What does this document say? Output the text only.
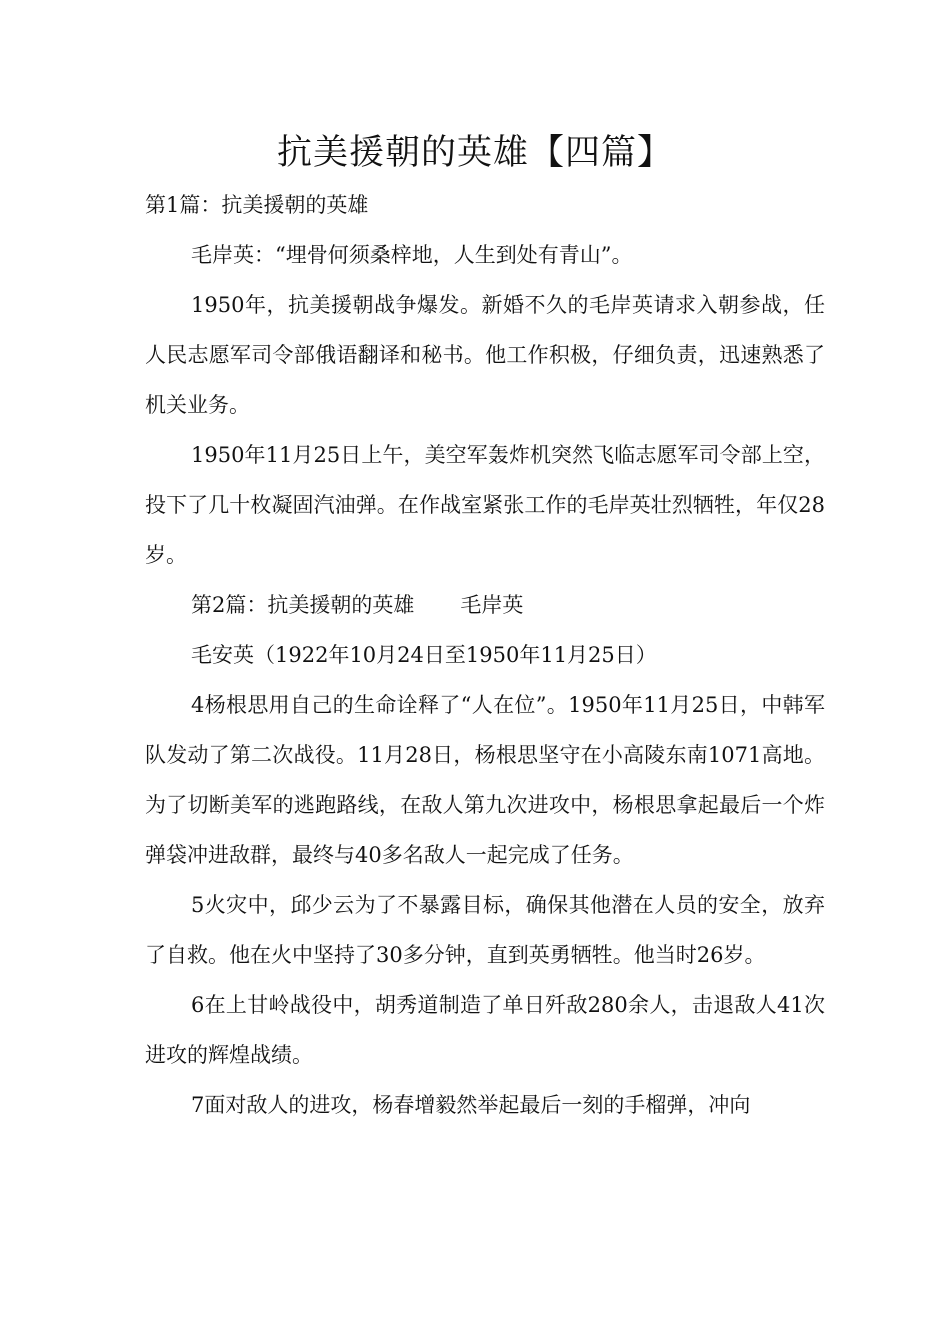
抗美援朝的英雄【四篇】

第1篇：抗美援朝的英雄

毛岸英：“埋骨何须桑梓地，人生到处有青山”。

1950年，抗美援朝战争爆发。新婚不久的毛岸英请求入朝参战，任人民志愿军司令部俄语翻译和秘书。他工作积极，仔细负责，迅速熟悉了机关业务。

1950年11月25日上午，美空军轰炸机突然飞临志愿军司令部上空，投下了几十枚凝固汽油弹。在作战室紧张工作的毛岸英壮烈牺牲，年仅28岁。

第2篇：抗美援朝的英雄 毛岸英

毛安英（1922年10月24日至1950年11月25日）

4杨根思用自己的生命诠释了“人在位”。1950年11月25日，中韩军队发动了第二次战役。11月28日，杨根思坚守在小高陵东南1071高地。为了切断美军的逃跑路线，在敌人第九次进攻中，杨根思拿起最后一个炸弹袋冲进敌群，最终与40多名敌人一起完成了任务。

5火灾中，邱少云为了不暴露目标，确保其他潜在人员的安全，放弃了自救。他在火中坚持了30多分钟，直到英勇牺牲。他当时26岁。

6在上甘岭战役中，胡秀道制造了单日歼敌280余人，击退敌人41次进攻的辉煌战绩。

7面对敌人的进攻，杨春增毅然举起最后一刻的手榴弹，冲向
